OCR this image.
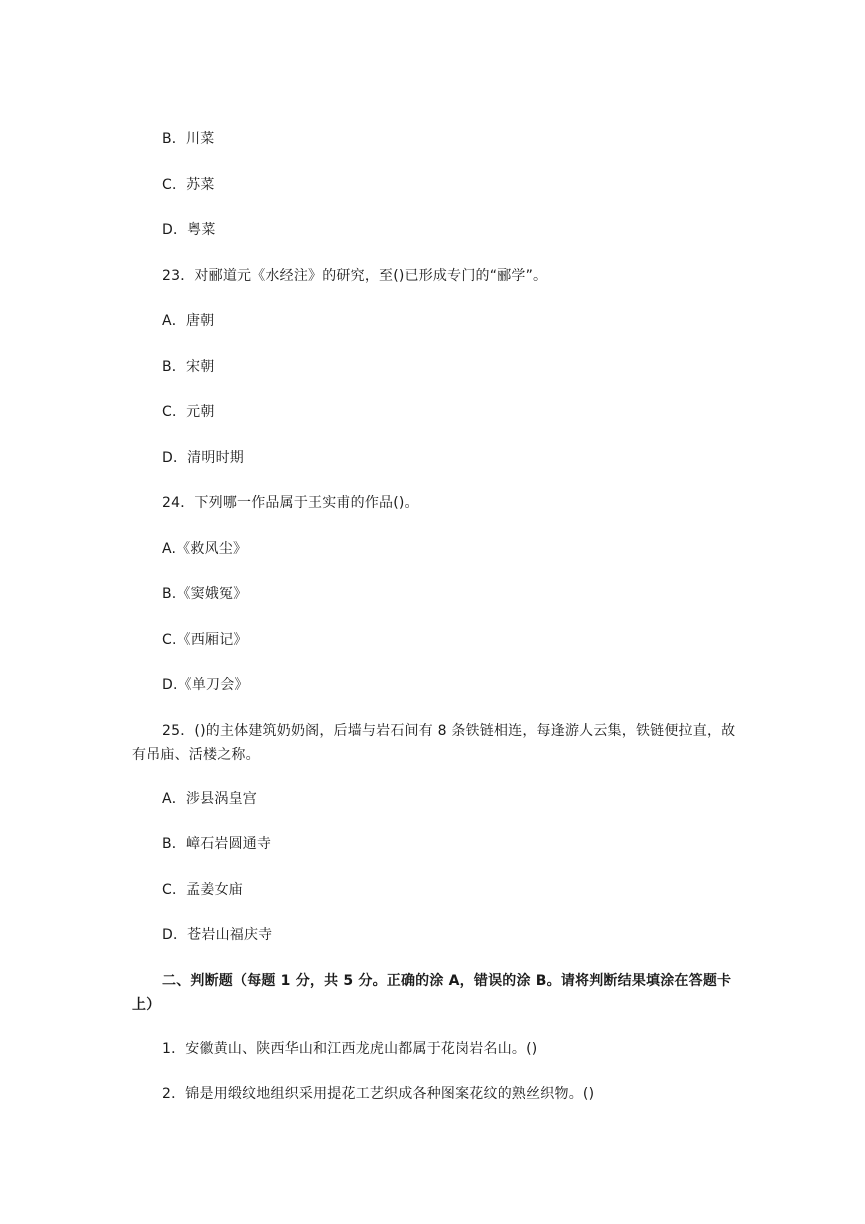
B．川菜
C．苏菜
D．粤菜
23．对郦道元《水经注》的研究，至()已形成专门的“郦学”。
A．唐朝
B．宋朝
C．元朝
D．清明时期
24．下列哪一作品属于王实甫的作品()。
A.《救风尘》
B.《窦娥冤》
C.《西厢记》
D.《单刀会》
25．()的主体建筑奶奶阁，后墙与岩石间有 8 条铁链相连，每逢游人云集，铁链便拉直，故有吊庙、活楼之称。
A．涉县涡皇宫
B．嶂石岩圆通寺
C．孟姜女庙
D．苍岩山福庆寺
二、判断题（每题 1 分，共 5 分。正确的涂 A，错误的涂 B。请将判断结果填涂在答题卡上）
1．安徽黄山、陕西华山和江西龙虎山都属于花岗岩名山。()
2．锦是用缎纹地组织采用提花工艺织成各种图案花纹的熟丝织物。()
